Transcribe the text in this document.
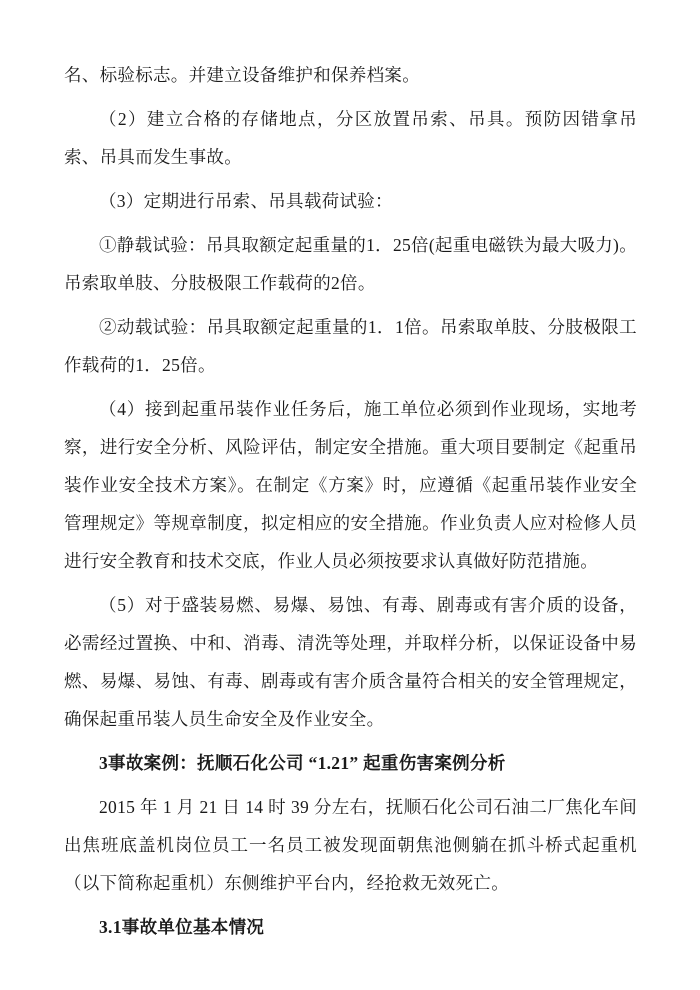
名、标验标志。并建立设备维护和保养档案。

（2）建立合格的存储地点，分区放置吊索、吊具。预防因错拿吊索、吊具而发生事故。

（3）定期进行吊索、吊具载荷试验：

①静载试验：吊具取额定起重量的1．25倍(起重电磁铁为最大吸力)。吊索取单肢、分肢极限工作载荷的2倍。

②动载试验：吊具取额定起重量的1．1倍。吊索取单肢、分肢极限工作载荷的1．25倍。

（4）接到起重吊装作业任务后，施工单位必须到作业现场，实地考察，进行安全分析、风险评估，制定安全措施。重大项目要制定《起重吊装作业安全技术方案》。在制定《方案》时，应遵循《起重吊装作业安全管理规定》等规章制度，拟定相应的安全措施。作业负责人应对检修人员进行安全教育和技术交底，作业人员必须按要求认真做好防范措施。

（5）对于盛装易燃、易爆、易蚀、有毒、剧毒或有害介质的设备，必需经过置换、中和、消毒、清洗等处理，并取样分析，以保证设备中易燃、易爆、易蚀、有毒、剧毒或有害介质含量符合相关的安全管理规定，确保起重吊装人员生命安全及作业安全。

3事故案例：抚顺石化公司 “1.21” 起重伤害案例分析

2015 年 1 月 21 日 14 时 39 分左右，抚顺石化公司石油二厂焦化车间出焦班底盖机岗位员工一名员工被发现面朝焦池侧躺在抓斗桥式起重机（以下简称起重机）东侧维护平台内，经抢救无效死亡。

3.1事故单位基本情况
